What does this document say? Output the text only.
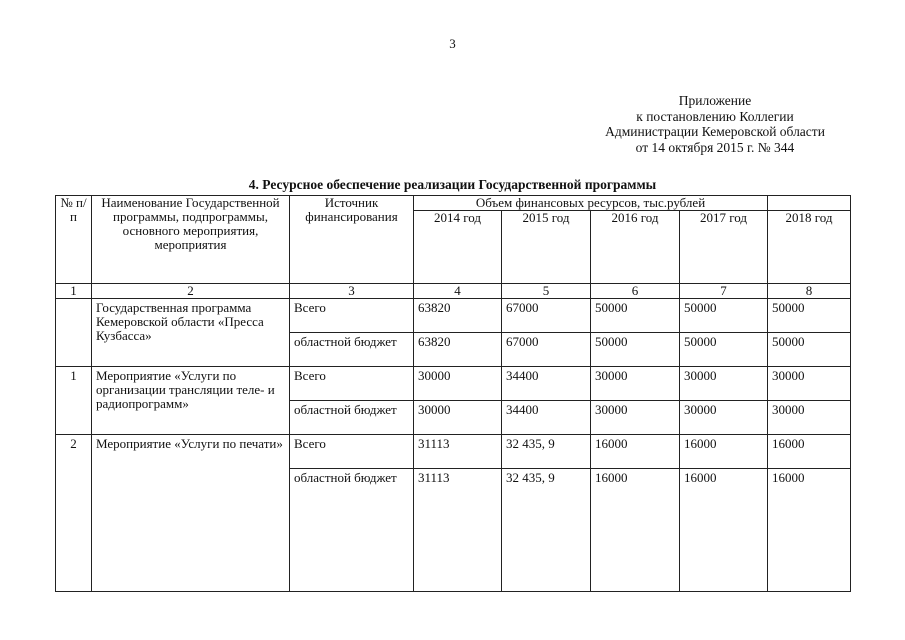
3
Приложение
к постановлению Коллегии
Администрации Кемеровской области
от 14 октября 2015 г. № 344
4. Ресурсное обеспечение реализации Государственной программы
№ п/п	Наименование Государственной программы, подпрограммы, основного мероприятия, мероприятия	Источник финансирования	Объем финансовых ресурсов, тыс.рублей				
			2014 год	2015 год	2016 год	2017 год	2018 год
1	2	3	4	5	6	7	8
	Государственная программа Кемеровской области «Пресса Кузбасса»	Всего	63820	67000	50000	50000	50000
		областной бюджет	63820	67000	50000	50000	50000
1	Мероприятие «Услуги по организации трансляции теле- и радиопрограмм»	Всего	30000	34400	30000	30000	30000
		областной бюджет	30000	34400	30000	30000	30000
2	Мероприятие «Услуги по печати»	Всего	31113	32 435, 9	16000	16000	16000
		областной бюджет	31113	32 435, 9	16000	16000	16000
